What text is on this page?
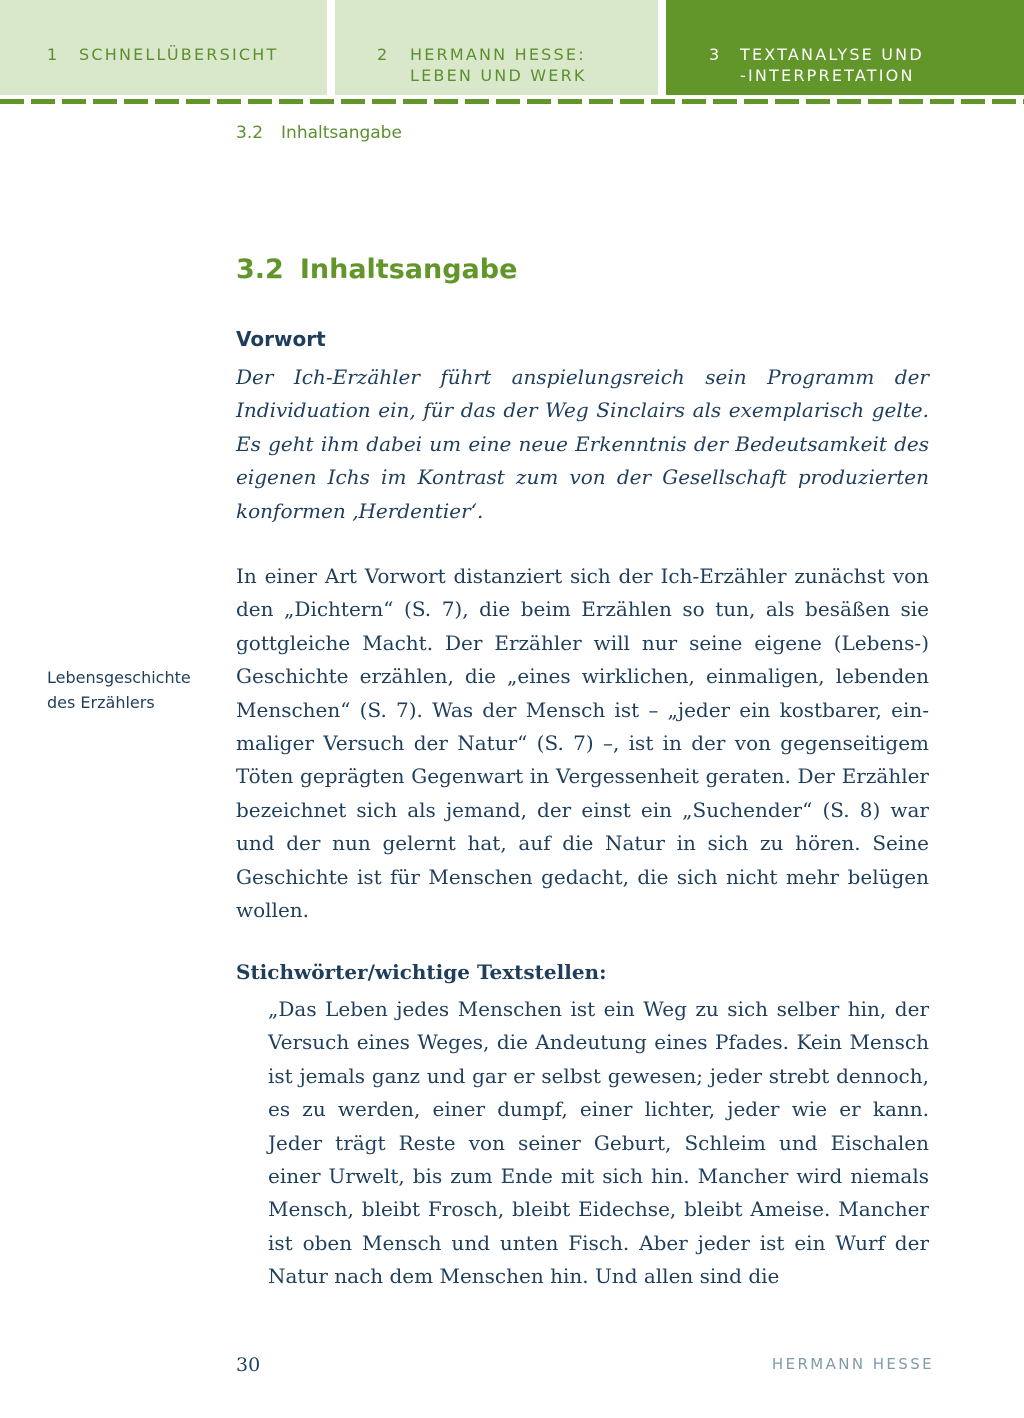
1 SCHNELLÜBERSICHT	2 HERMANN HESSE:
LEBEN UND WERK
3 TEXTANALYSE UND
-INTERPRETATION
3.2 Inhaltsangabe
3.2 Inhaltsangabe
Vorwort
Der Ich-Erzähler führt anspielungsreich sein Programm der Individuation ein, für das der Weg Sinclairs als exemplarisch gelte. Es geht ihm dabei um eine neue Erkenntnis der Bedeutsamkeit des eigenen Ichs im Kontrast zum von der Gesellschaft produzierten konformen ‚Herdentier‘.
In einer Art Vorwort distanziert sich der Ich-Erzähler zunächst von den „Dichtern“ (S. 7), die beim Erzählen so tun, als besäßen sie gottgleiche Macht. Der Erzähler will nur seine eigene (Lebens-) Geschichte erzählen, die „eines wirklichen, einmaligen, lebenden Menschen“ (S. 7). Was der Mensch ist – „jeder ein kostbarer, einmaliger Versuch der Natur“ (S. 7) –, ist in der von gegenseitigem Töten geprägten Gegenwart in Vergessenheit geraten. Der Erzähler bezeichnet sich als jemand, der einst ein „Suchender“ (S. 8) war und der nun gelernt hat, auf die Natur in sich zu hören. Seine Geschichte ist für Menschen gedacht, die sich nicht mehr belügen wollen.
Lebensgeschichte
des Erzählers
Stichwörter/wichtige Textstellen:
„Das Leben jedes Menschen ist ein Weg zu sich selber hin, der Versuch eines Weges, die Andeutung eines Pfades. Kein Mensch ist jemals ganz und gar er selbst gewesen; jeder strebt dennoch, es zu werden, einer dumpf, einer lichter, jeder wie er kann. Jeder trägt Reste von seiner Geburt, Schleim und Eischalen einer Urwelt, bis zum Ende mit sich hin. Mancher wird niemals Mensch, bleibt Frosch, bleibt Eidechse, bleibt Ameise. Mancher ist oben Mensch und unten Fisch. Aber jeder ist ein Wurf der Natur nach dem Menschen hin. Und allen sind die
30	HERMANN HESSE
